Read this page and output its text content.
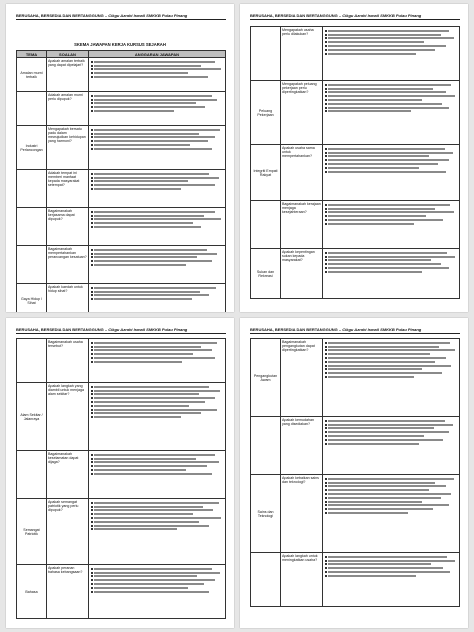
BERUSAHA, BERSEDIA DAN BERTANGGUNG – Cikgu Azrahi Ismail SMKKB Pulau Pinang
SKEMA JAWAPAN KERJA KURSUS SEJARAH
TEMA	SOALAN	ANGGARAN JAWAPAN
Amalan murni terbaik	Apakah amalan terbaik yang dapat dipelajari?	

	Adakah amalan murni perlu dipupuk?	

Industri Perlancongan	Mengapakah bersatu padu dalam mewujudkan kehidupan yang harmoni?	

	Adakah tempat ini memberi manfaat kepada masyarakat setempat?	

	Bagaimanakah kerjasama dapat dipupuk?	

	Bagaimanakah mempertahankan perancangan kesatuan?	

Gaya Hidup / Sihat	Apakah kaedah untuk hidup sihat?	
BERUSAHA, BERSEDIA DAN BERTANGGUNG – Cikgu Azrahi Ismail SMKKB Pulau Pinang
	Mengapakah usaha perlu dilakukan?	

Peluang Pekerjaan	Mengapakah peluang pekerjaan perlu dipertingkatkan?	

Integriti Empati Rakyat	Apakah usaha sama untuk mempertahankan?	

	Bagaimanakah kerajaan menjaga kesejahteraan?	

Sukan dan Rekreasi	Apakah kepentingan sukan kepada masyarakat?	
BERUSAHA, BERSEDIA DAN BERTANGGUNG – Cikgu Azrahi Ismail SMKKB Pulau Pinang
	Bagaimanakah usaha tersebut?	

Alam Sekitar / Jalanraya	Apakah langkah yang diambil untuk menjaga alam sekitar?	

	Bagaimanakah keselamatan dapat dijaga?	

Semangat Patriotik	Apakah semangat patriotik yang perlu dipupuk?	

Bahasa	Apakah peranan bahasa kebangsaan?	
BERUSAHA, BERSEDIA DAN BERTANGGUNG – Cikgu Azrahi Ismail SMKKB Pulau Pinang
Pengangkutan Awam	Bagaimanakah pengangkutan dapat dipertingkatkan?	

	Apakah kemudahan yang disediakan?	

Sains dan Teknologi	Apakah kebaikan sains dan teknologi?	

	Apakah langkah untuk meningkatkan usaha?	
